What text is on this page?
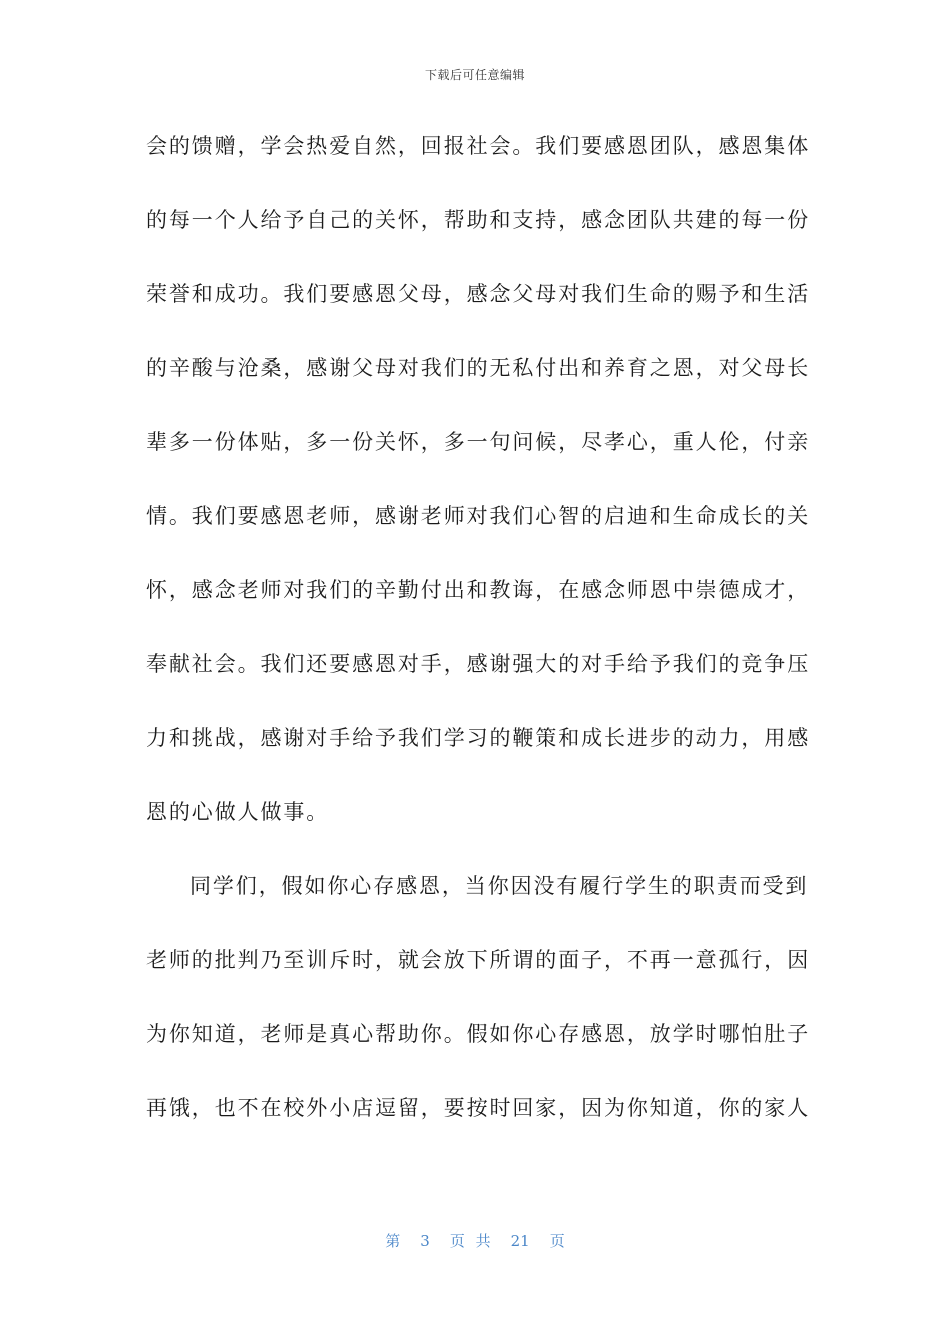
下载后可任意编辑
会的馈赠，学会热爱自然，回报社会。我们要感恩团队，感恩集体
的每一个人给予自己的关怀，帮助和支持，感念团队共建的每一份
荣誉和成功。我们要感恩父母，感念父母对我们生命的赐予和生活
的辛酸与沧桑，感谢父母对我们的无私付出和养育之恩，对父母长
辈多一份体贴，多一份关怀，多一句问候，尽孝心，重人伦，付亲
情。我们要感恩老师，感谢老师对我们心智的启迪和生命成长的关
怀，感念老师对我们的辛勤付出和教诲，在感念师恩中崇德成才，
奉献社会。我们还要感恩对手，感谢强大的对手给予我们的竞争压
力和挑战，感谢对手给予我们学习的鞭策和成长进步的动力，用感
恩的心做人做事。
同学们，假如你心存感恩，当你因没有履行学生的职责而受到
老师的批判乃至训斥时，就会放下所谓的面子，不再一意孤行，因
为你知道，老师是真心帮助你。假如你心存感恩，放学时哪怕肚子
再饿，也不在校外小店逗留，要按时回家，因为你知道，你的家人
第 3 页 共 21 页
